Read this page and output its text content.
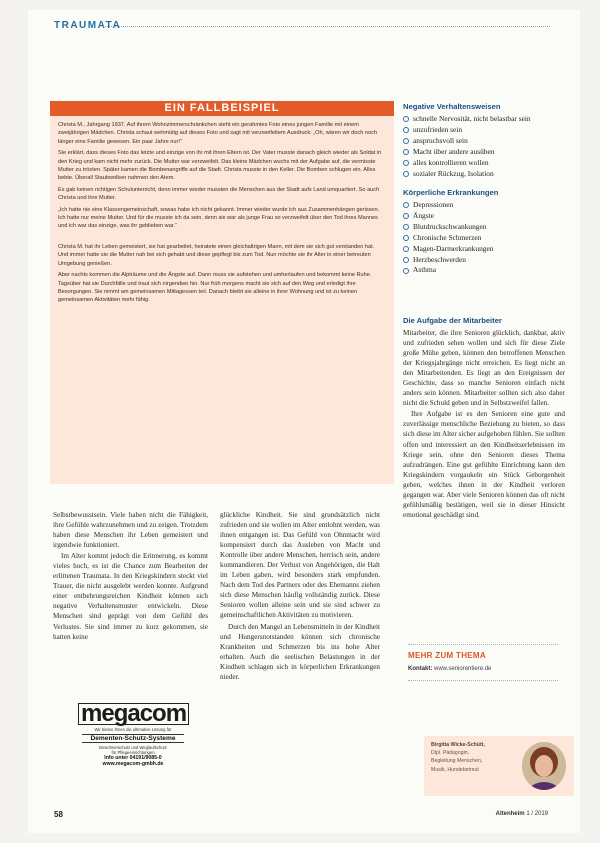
TRAUMATA
EIN FALLBEISPIEL

Christa M., Jahrgang 1937. Auf ihrem Wohnzimmerschränkchen steht ein gerahmtes Foto eines jungen Familie mit einem zweijährigen Mädchen. Christa schaut wehmütig auf dieses Foto und sagt mit verzweifeltem Ausdruck: „Oh, wären wir doch noch länger eine Familie gewesen. Ein paar Jahre nur!“

Sie erklärt, dass dieses Foto das letzte und einzige von ihr mit ihren Eltern ist. Der Vater musste danach gleich wieder als Soldat in den Krieg und kam nicht mehr zurück. Die Mutter war verzweifelt. Das kleine Mädchen wuchs mit der Aufgabe auf, die vermisste Mutter zu trösten. Später kamen die Bombenangriffe auf die Stadt. Christa musste in den Keller. Die Bomben schlugen ein. Alles bebte. Überall Staubwolken nahmen den Atem.

Es gab keinen richtigen Schulunterricht, denn immer wieder mussten die Menschen aus der Stadt aufs Land umquartiert. So auch Christa und ihre Mutter.

„Ich hatte nie eine Klassengemeinschaft, sowas habe ich nicht gekannt. Immer wieder wurde ich aus Zusammenhängen gerissen. Ich hatte nur meine Mutter. Und für die musste ich da sein, denn sie war als junge Frau so verzweifelt über den Tod ihres Mannes und ich war das einzige, was ihr geblieben war.“

Christa M. hat ihr Leben gemeistert, sie hat gearbeitet, heiratete einen gleichaltrigen Mann, mit dem sie sich gut verstanden hat. Und immer hatte sie die Mutter nah bei sich gehabt und diese gepflegt bis zum Tod. Nun möchte sie ihr Alter in einer betreuten Umgebung genießen.

Aber nachts kommen die Alpträume und die Ängste auf. Dann muss sie aufstehen und umherlaufen und bekommt keine Ruhe. Tagsüber hat sie Durchfälle und traut sich nirgendwo hin. Nur früh morgens macht sie sich auf den Weg und erledigt ihre Besorgungen. Sie nimmt am gemeinsamen Mittagessen teil. Danach bleibt sie alleine in ihrer Wohnung und ist zu keinen gemeinsamen Aktivitäten mehr fähig.

Selbstbewusstsein. Viele haben nicht die Fähigkeit, ihre Gefühle wahrzunehmen und zu zeigen. Trotzdem haben diese Menschen ihr Leben gemeistert und irgendwie funktioniert.

Im Alter kommt jedoch die Erinnerung, es kommt vieles hoch, es ist die Chance zum Bearbeiten der erlittenen Traumata. In den Kriegskindern steckt viel Trauer, die nicht ausgelebt werden konnte. Aufgrund einer entbehrungsreichen Kindheit können sich negative Verhaltensmuster entwickeln. Diese Menschen sind geprägt von dem Gefühl des Verlustes. Sie sind immer zu kurz gekommen, sie hatten keine

glückliche Kindheit. Sie sind grundsätzlich nicht zufrieden und sie wollen im Alter entlohnt werden, was ihnen entgangen ist. Das Gefühl von Ohnmacht wird kompensiert durch das Ausleben von Macht und Kontrolle über andere Menschen, herrisch sein, andere kommandieren. Der Verlust von Angehörigen, die Halt im Leben gaben, wird besonders stark empfunden. Nach dem Tod des Partners oder des Ehemanns ziehen sich diese Menschen häufig vollständig zurück. Diese Senioren wollen alleine sein und sie sind schwer zu gemeinschaftlichen Aktivitäten zu motivieren.

Durch den Mangel an Lebensmitteln in der Kindheit und Hungersnotstanden können sich chronische Krankheiten und Schmerzen bis ins hohe Alter erhalten. Auch die seelischen Belastungen in der Kindheit schlagen sich in körperlichen Erkrankungen nieder.

Negative Verhaltensweisen
schnelle Nervosität, nicht belastbar sein
unzufrieden sein
anspruchsvoll sein
Macht über andere ausüben
alles kontrollieren wollen
sozialer Rückzug, Isolation
Körperliche Erkrankungen
Depressionen
Ängste
Blutdruckschwankungen
Chronische Schmerzen
Magen-Darmerkrankungen
Herzbeschwerden
Asthma
Die Aufgabe der Mitarbeiter

Mitarbeiter, die ihre Senioren glücklich, dankbar, aktiv und zufrieden sehen wollen und sich für diese Ziele große Mühe geben, können den betroffenen Menschen der Kriegsjahrgänge nicht erreichen. Es liegt nicht an den Mitarbeitenden. Es liegt an den Ereignissen der Geschichte, dass so manche Senioren einfach nicht anders sein können. Mitarbeiter sollten sich also daher nicht die Schuld geben und in Selbstzweifel fallen.

Ihre Aufgabe ist es den Senioren eine gute und zuverlässige menschliche Beziehung zu bieten, so dass sich diese im Alter sicher aufgehoben fühlen. Sie sollten offen und interessiert an den Kindheitserlebnissen im Kriege sein, ohne den Senioren dieses Thema aufzudrängen. Eine gut gefühlte Einrichtung kann den Kriegskindern vorgaukeln ein Stück Geborgenheit geben, welches ihnen in der Kindheit verloren gegangen war. Aber viele Senioren können das oft nicht gefühlsmäßig bestätigen, weil sie in dieser Hinsicht emotional geschädigt sind.

MEHR ZUM THEMA
Kontakt: www.seniorentiere.de
Birgitta Wicke-Schütt,
Dipl. Pädagogin,
Begleitung Menschen,
Musik, Hundebetreut
megacom
Wir bieten Ihnen die ultimative Lösung für
Dementen-Schutz-Systeme
Bewohnerschutz und Weglaufschutz
für Pflegeeinrichtungen
Info unter 04191/9085-0
www.megacom-gmbh.de
58	Altenheim 1 / 2019
